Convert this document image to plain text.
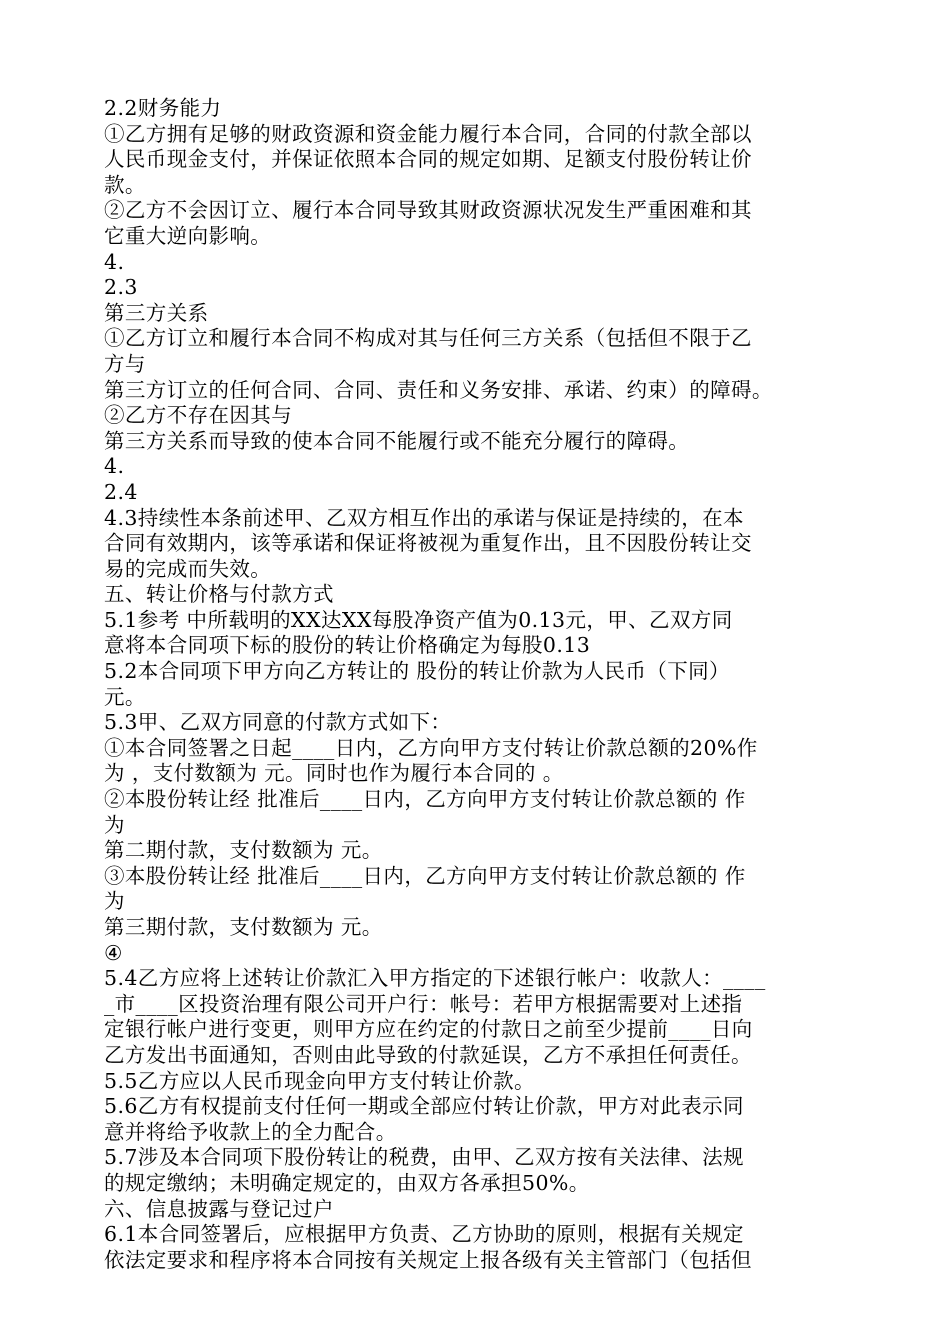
2.2财务能力
①乙方拥有足够的财政资源和资金能力履行本合同，合同的付款全部以
人民币现金支付，并保证依照本合同的规定如期、足额支付股份转让价
款。
②乙方不会因订立、履行本合同导致其财政资源状况发生严重困难和其
它重大逆向影响。
4.
2.3
第三方关系
①乙方订立和履行本合同不构成对其与任何三方关系（包括但不限于乙
方与
第三方订立的任何合同、合同、责任和义务安排、承诺、约束）的障碍。
②乙方不存在因其与
第三方关系而导致的使本合同不能履行或不能充分履行的障碍。
4.
2.4
4.3持续性本条前述甲、乙双方相互作出的承诺与保证是持续的，在本
合同有效期内，该等承诺和保证将被视为重复作出，且不因股份转让交
易的完成而失效。
五、转让价格与付款方式
5.1参考 中所载明的XX达XX每股净资产值为0.13元，甲、乙双方同
意将本合同项下标的股份的转让价格确定为每股0.13
5.2本合同项下甲方向乙方转让的 股份的转让价款为人民币（下同）
元。
5.3甲、乙双方同意的付款方式如下：
①本合同签署之日起____日内，乙方向甲方支付转让价款总额的20%作
为 ，支付数额为 元。同时也作为履行本合同的 。
②本股份转让经 批准后____日内，乙方向甲方支付转让价款总额的 作
为
第二期付款，支付数额为 元。
③本股份转让经 批准后____日内，乙方向甲方支付转让价款总额的 作
为
第三期付款，支付数额为 元。
④
5.4乙方应将上述转让价款汇入甲方指定的下述银行帐户：收款人：____
_市____区投资治理有限公司开户行：帐号：若甲方根据需要对上述指
定银行帐户进行变更，则甲方应在约定的付款日之前至少提前____日向
乙方发出书面通知，否则由此导致的付款延误，乙方不承担任何责任。
5.5乙方应以人民币现金向甲方支付转让价款。
5.6乙方有权提前支付任何一期或全部应付转让价款，甲方对此表示同
意并将给予收款上的全力配合。
5.7涉及本合同项下股份转让的税费，由甲、乙双方按有关法律、法规
的规定缴纳；未明确定规定的，由双方各承担50%。
六、信息披露与登记过户
6.1本合同签署后，应根据甲方负责、乙方协助的原则，根据有关规定
依法定要求和程序将本合同按有关规定上报各级有关主管部门（包括但
